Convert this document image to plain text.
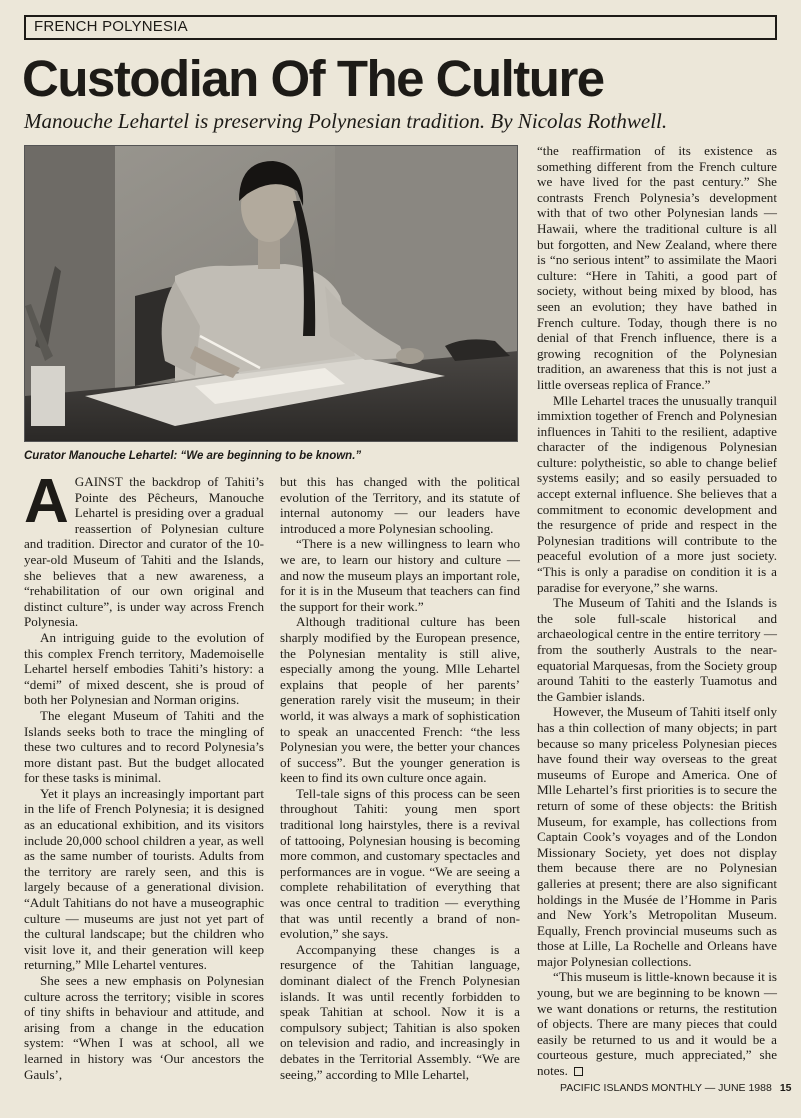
FRENCH POLYNESIA
Custodian Of The Culture
Manouche Lehartel is preserving Polynesian tradition. By Nicolas Rothwell.
Curator Manouche Lehartel: “We are beginning to be known.”

AGAINST the backdrop of Tahiti’s Pointe des Pêcheurs, Manouche Lehartel is presiding over a gradual reassertion of Polynesian culture and tradition. Director and curator of the 10-year-old Museum of Tahiti and the Islands, she believes that a new awareness, a “rehabilitation of our own original and distinct culture”, is under way across French Polynesia.

An intriguing guide to the evolution of this complex French territory, Mademoiselle Lehartel herself embodies Tahiti’s history: a “demi” of mixed descent, she is proud of both her Polynesian and Norman origins.

The elegant Museum of Tahiti and the Islands seeks both to trace the mingling of these two cultures and to record Polynesia’s more distant past. But the budget allocated for these tasks is minimal.

Yet it plays an increasingly important part in the life of French Polynesia; it is designed as an educational exhibition, and its visitors include 20,000 school children a year, as well as the same number of tourists. Adults from the territory are rarely seen, and this is largely because of a generational division. “Adult Tahitians do not have a museographic culture — museums are just not yet part of the cultural landscape; but the children who visit love it, and their generation will keep returning,” Mlle Lehartel ventures.

She sees a new emphasis on Polynesian culture across the territory; visible in scores of tiny shifts in behaviour and attitude, and arising from a change in the education system: “When I was at school, all we learned in history was ‘Our ancestors the Gauls’,

but this has changed with the political evolution of the Territory, and its statute of internal autonomy — our leaders have introduced a more Polynesian schooling.

“There is a new willingness to learn who we are, to learn our history and culture — and now the museum plays an important role, for it is in the Museum that teachers can find the support for their work.”

Although traditional culture has been sharply modified by the European presence, the Polynesian mentality is still alive, especially among the young. Mlle Lehartel explains that people of her parents’ generation rarely visit the museum; in their world, it was always a mark of sophistication to speak an unaccented French: “the less Polynesian you were, the better your chances of success”. But the younger generation is keen to find its own culture once again.

Tell-tale signs of this process can be seen throughout Tahiti: young men sport traditional long hairstyles, there is a revival of tattooing, Polynesian housing is becoming more common, and customary spectacles and performances are in vogue. “We are seeing a complete rehabilitation of everything that was once central to tradition — everything that was until recently a brand of non-evolution,” she says.

Accompanying these changes is a resurgence of the Tahitian language, dominant dialect of the French Polynesian islands. It was until recently forbidden to speak Tahitian at school. Now it is a compulsory subject; Tahitian is also spoken on television and radio, and increasingly in debates in the Territorial Assembly. “We are seeing,” according to Mlle Lehartel,

“the reaffirmation of its existence as something different from the French culture we have lived for the past century.” She contrasts French Polynesia’s development with that of two other Polynesian lands — Hawaii, where the traditional culture is all but forgotten, and New Zealand, where there is “no serious intent” to assimilate the Maori culture: “Here in Tahiti, a good part of society, without being mixed by blood, has seen an evolution; they have bathed in French culture. Today, though there is no denial of that French influence, there is a growing recognition of the Polynesian tradition, an awareness that this is not just a little overseas replica of France.”

Mlle Lehartel traces the unusually tranquil immixtion together of French and Polynesian influences in Tahiti to the resilient, adaptive character of the indigenous Polynesian culture: polytheistic, so able to change belief systems easily; and so easily persuaded to accept external influence. She believes that a commitment to economic development and the resurgence of pride and respect in the Polynesian traditions will contribute to the peaceful evolution of a more just society. “This is only a paradise on condition it is a paradise for everyone,” she warns.

The Museum of Tahiti and the Islands is the sole full-scale historical and archaeological centre in the entire territory — from the southerly Australs to the near-equatorial Marquesas, from the Society group around Tahiti to the easterly Tuamotus and the Gambier islands.

However, the Museum of Tahiti itself only has a thin collection of many objects; in part because so many priceless Polynesian pieces have found their way overseas to the great museums of Europe and America. One of Mlle Lehartel’s first priorities is to secure the return of some of these objects: the British Museum, for example, has collections from Captain Cook’s voyages and of the London Missionary Society, yet does not display them because there are no Polynesian galleries at present; there are also significant holdings in the Musée de l’Homme in Paris and New York’s Metropolitan Museum. Equally, French provincial museums such as those at Lille, La Rochelle and Orleans have major Polynesian collections.

“This museum is little-known because it is young, but we are beginning to be known — we want donations or returns, the restitution of objects. There are many pieces that could easily be returned to us and it would be a courteous gesture, much appreciated,” she notes.

PACIFIC ISLANDS MONTHLY — JUNE 1988 15
